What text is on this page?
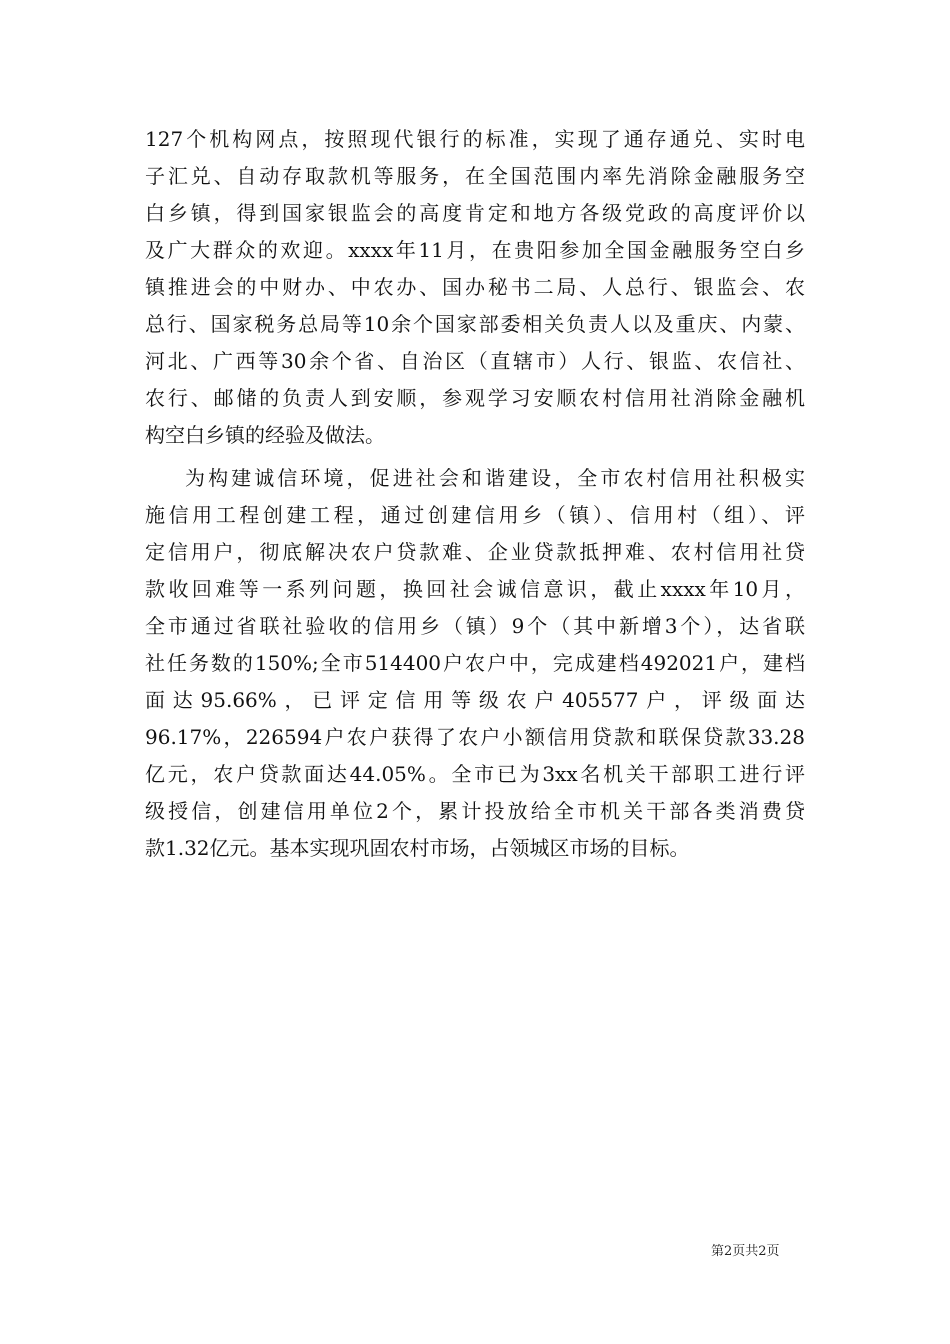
127个机构网点，按照现代银行的标准，实现了通存通兑、实时电
子汇兑、自动存取款机等服务，在全国范围内率先消除金融服务空
白乡镇，得到国家银监会的高度肯定和地方各级党政的高度评价以
及广大群众的欢迎。xxxx年11月，在贵阳参加全国金融服务空白乡
镇推进会的中财办、中农办、国办秘书二局、人总行、银监会、农
总行、国家税务总局等10余个国家部委相关负责人以及重庆、内蒙、
河北、广西等30余个省、自治区（直辖市）人行、银监、农信社、
农行、邮储的负责人到安顺，参观学习安顺农村信用社消除金融机
构空白乡镇的经验及做法。
为构建诚信环境，促进社会和谐建设，全市农村信用社积极实
施信用工程创建工程，通过创建信用乡（镇）、信用村（组）、评
定信用户，彻底解决农户贷款难、企业贷款抵押难、农村信用社贷
款收回难等一系列问题，换回社会诚信意识，截止xxxx年10月，
全市通过省联社验收的信用乡（镇）9个（其中新增3个），达省联
社任务数的150%;全市514400户农户中，完成建档492021户，建档
面达95.66%，已评定信用等级农户405577户，评级面达
96.17%，226594户农户获得了农户小额信用贷款和联保贷款33.28
亿元，农户贷款面达44.05%。全市已为3xx名机关干部职工进行评
级授信，创建信用单位2个，累计投放给全市机关干部各类消费贷
款1.32亿元。基本实现巩固农村市场，占领城区市场的目标。
第2页共2页
